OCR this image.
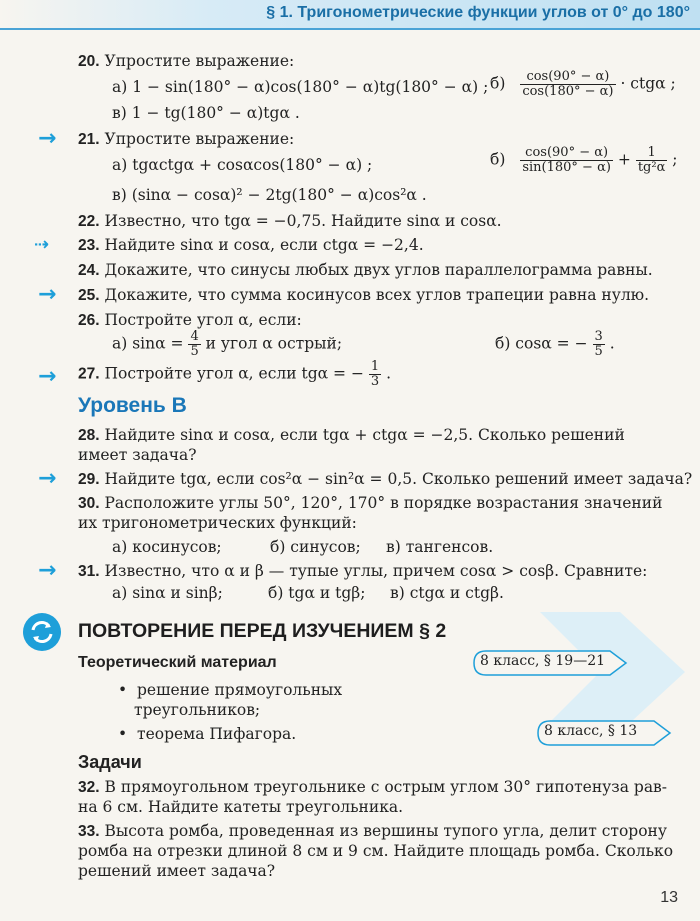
§ 1. Тригонометрические функции углов от 0° до 180°
20. Упростите выражение:
а) 1 − sin(180° − α)cos(180° − α)tg(180° − α) ; $б) \frac{\cos(90^\circ - \alpha)}{\cos(180^\circ - \alpha)} \cdot ctg\alpha$ ;
в) 1 − tg(180° − α)tgα .
→ 21. Упростите выражение:
а) tgαctgα + cosαcos(180° − α) ;	$б) \frac{\cos(90^\circ - \alpha)}{\sin(180^\circ - \alpha)} + \frac{1}{\text{tg²α}}$ ;
в) (sinα − cosα)² − 2tg(180° − α)cos²α .
22. Известно, что tgα = −0,75. Найдите sinα и cosα.
⇢ 23. Найдите sinα и cosα, если ctgα = −2,4.
24. Докажите, что синусы любых двух углов параллелограмма равны.
→ 25. Докажите, что сумма косинусов всех углов трапеции равна нулю.
26. Постройте угол α, если:
а) $\sin\alpha = \frac{4}{5}$ и угол α острый;	б) cosα = − $\frac{3}{5}$ .
→ 27. Постройте угол α, если tgα = − $\frac{1}{3}$ .
Уровень B
28. Найдите sinα и cosα, если tgα + ctgα = −2,5. Сколько решений
имеет задача?
→ 29. Найдите tgα, если cos²α − sin²α = 0,5. Сколько решений имеет задача?
30. Расположите углы 50°, 120°, 170° в порядке возрастания значений
их тригонометрических функций:
а) косинусов;	б) синусов; в) тангенсов.
→ 31. Известно, что α и β — тупые углы, причем cosα > cosβ. Сравните:
а) sinα и sinβ;	б) tgα и tgβ; в) ctgα и ctgβ.
ПОВТОРЕНИЕ ПЕРЕД ИЗУЧЕНИЕМ § 2
Теоретический материал	8 класс, § 19—21
•  решение прямоугольных
треугольников;
•  теорема Пифагора.	8 класс, § 13
Задачи
32. В прямоугольном треугольнике с острым углом 30° гипотенуза рав-
на 6 см. Найдите катеты треугольника.
33. Высота ромба, проведенная из вершины тупого угла, делит сторону
ромба на отрезки длиной 8 см и 9 см. Найдите площадь ромба. Сколько
решений имеет задача?
13
